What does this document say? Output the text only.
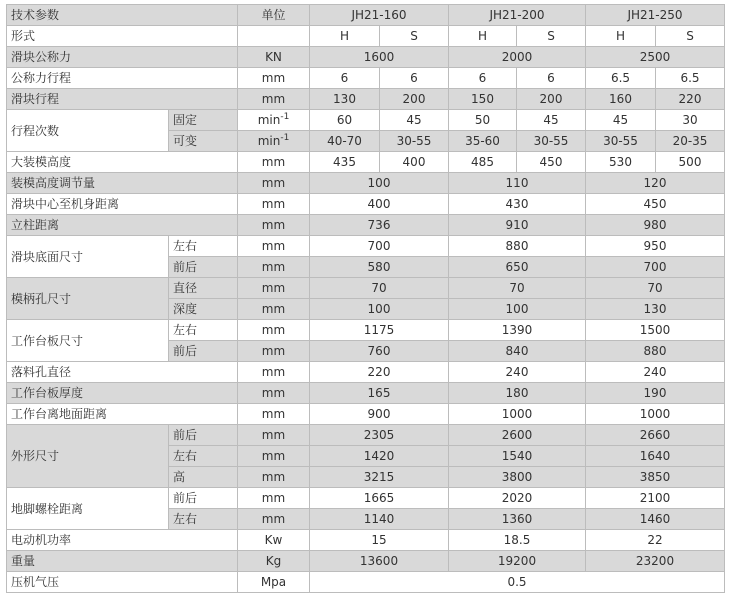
技术参数		单位	JH21-160		JH21-200		JH21-250	
形式			H	S	H	S	H	S
滑块公称力		KN	1600		2000		2500	
公称力行程		mm	6	6	6	6	6.5	6.5
滑块行程		mm	130	200	150	200	160	220
行程次数	固定	$\min^{-1}$	60	45	50	45	45	30
	可变	$\min^{-1}$	40-70	30-55	35-60	30-55	30-55	20-35
大装模高度		mm	435	400	485	450	530	500
装模高度调节量		mm	100		110		120	
滑块中心至机身距离		mm	400		430		450	
立柱距离		mm	736		910		980	
滑块底面尺寸	左右	mm	700		880		950	
	前后	mm	580		650		700	
模柄孔尺寸	直径	mm	70		70		70	
	深度	mm	100		100		130	
工作台板尺寸	左右	mm	1175		1390		1500	
	前后	mm	760		840		880	
落料孔直径		mm	220		240		240	
工作台板厚度		mm	165		180		190	
工作台离地面距离		mm	900		1000		1000	
外形尺寸	前后	mm	2305		2600		2660	
	左右	mm	1420		1540		1640	
	高	mm	3215		3800		3850	
地脚螺栓距离	前后	mm	1665		2020		2100	
	左右	mm	1140		1360		1460	
电动机功率		Kw	15		18.5		22	
重量		Kg	13600		19200		23200	
压机气压		Mpa	0.5					
